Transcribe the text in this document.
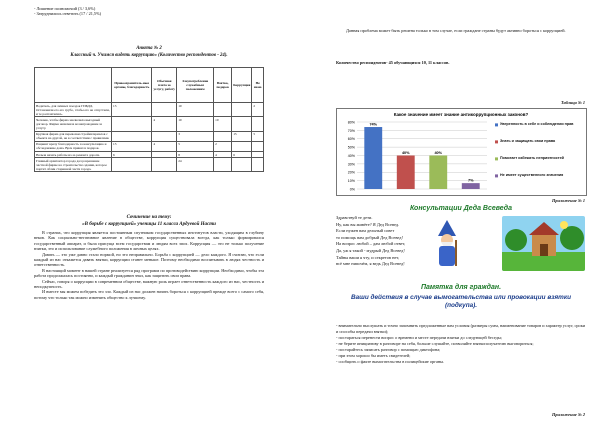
- Лишение полномочий (3 / 3,6%)
- Затруднились ответить (17 / 21,5%)
Анкета № 2
Классный ч. Учимся видеть коррупцию» (Количество респондентов - 24).
	Правоохранитель-ные органы, благодарность	Обычная плата за услугу, работу	Злоупотребление служебным положением	Взятка, подарок	Коррупция	Не знаю
Водитель, для личных поездок ГИБДД. Остановили его его грубо, чтобы его не отпустили, и те расплатились.	13		10			2
Человек, чтобы фирма заключила выгодный договор. Фирма назначила вознаграждение за услугу.		4	10	10		
Крупная фирма для перевозки стройматериалов с объекта на другой, не в соответствии с правилами.			3		15	5
Пациент врачу благодарность за консультацию и обследование дома. Врач принял в подарок.	13	4	5	2		
Нельзя начать работы из-за ремонта дороги.	6		8	4	6	
Главный архитектор города дал разрешение частной фирме на строительство здания, которое портит облик старинной части города.			24			
Сочинение на тему:
«В борьбе с коррупцией» ученицы 11 класса Ардуевой Насти
В странах, что коррупция является постоянным спутником государственных институтов власти, уходящим в глубину веков. Как социально-негативное явление в обществе, коррупция существовала всегда, как только формировался государственный аппарат, и была присуща всем государствам и людям всех эпох. Коррупция — это не только получение взятки, это и использование служебного положения в личных целях.
Давать — это уже давно стало нормой, но это неправильно. Борьба с коррупцией — дело каждого. Я считаю, что если каждый из нас откажется давать взятки, коррупции станет меньше. Поэтому необходимо воспитывать в людях честность и ответственность.
В настоящий момент в нашей стране реализуется ряд программ по противодействию коррупции. Необходимо, чтобы эта работа продолжалась постоянно, и каждый гражданин знал, как защитить свои права.
Сейчас, говоря о коррупции в современном обществе, важную роль играет ответственность каждого из нас, честность и неподкупность.
И вместе мы можем победить это зло. Каждый из нас должен начать бороться с коррупцией прежде всего с самого себя, потому что только так можно изменить общество к лучшему.
Данная проблема может быть решена только в том случае, если граждане страны будут активно бороться с коррупцией.
Количество респондентов- 45 обучающихся 10, 11 классов.
Таблица № 1
Какое значение имеет знание антикоррупционных законов?
0%
10%
20%
30%
40%
50%
60%
70%
80%
74%
40%	40%
7%
Уверенность в себе и соблюдении прав
Знать и защищать свои права
Помогает избежать неприятностей
Не имеет существенного значения
Приложение № 1
Консультации Деда Всеведа
Здравствуй те дети.
Ну, как вы живёте? Я Дед Всевед.
Если нужен вам дельный совет
то помощь вам добрый Дед Всевед!
На вопрос любой – дам любой ответ,
Да, уж я такой - мудрый Дед Всевед!
Тайны ваши я чту, и секретов нет,
всё мне нипочём, я ведь Дед Всевед!
Памятка для граждан.
Ваши действия в случае вымогательства или провокации взятки (подкупа).
- внимательно выслушать и точно запомнить предложенные вам условия (размеры сумм, наименование товаров и характер услуг, сроки и способы передачи взятки);
- постараться перенести вопрос о времени и месте передачи взятки до следующей беседы;
- не берите инициативу в разговоре на себя, больше слушайте, позволяйте взяткополучателю выговориться;
- постарайтесь записать разговор с помощью диктофона;
- при этом хорошо бы иметь свидетелей;
- сообщить о факте вымогательства в полицейские органы.
Приложение № 2
